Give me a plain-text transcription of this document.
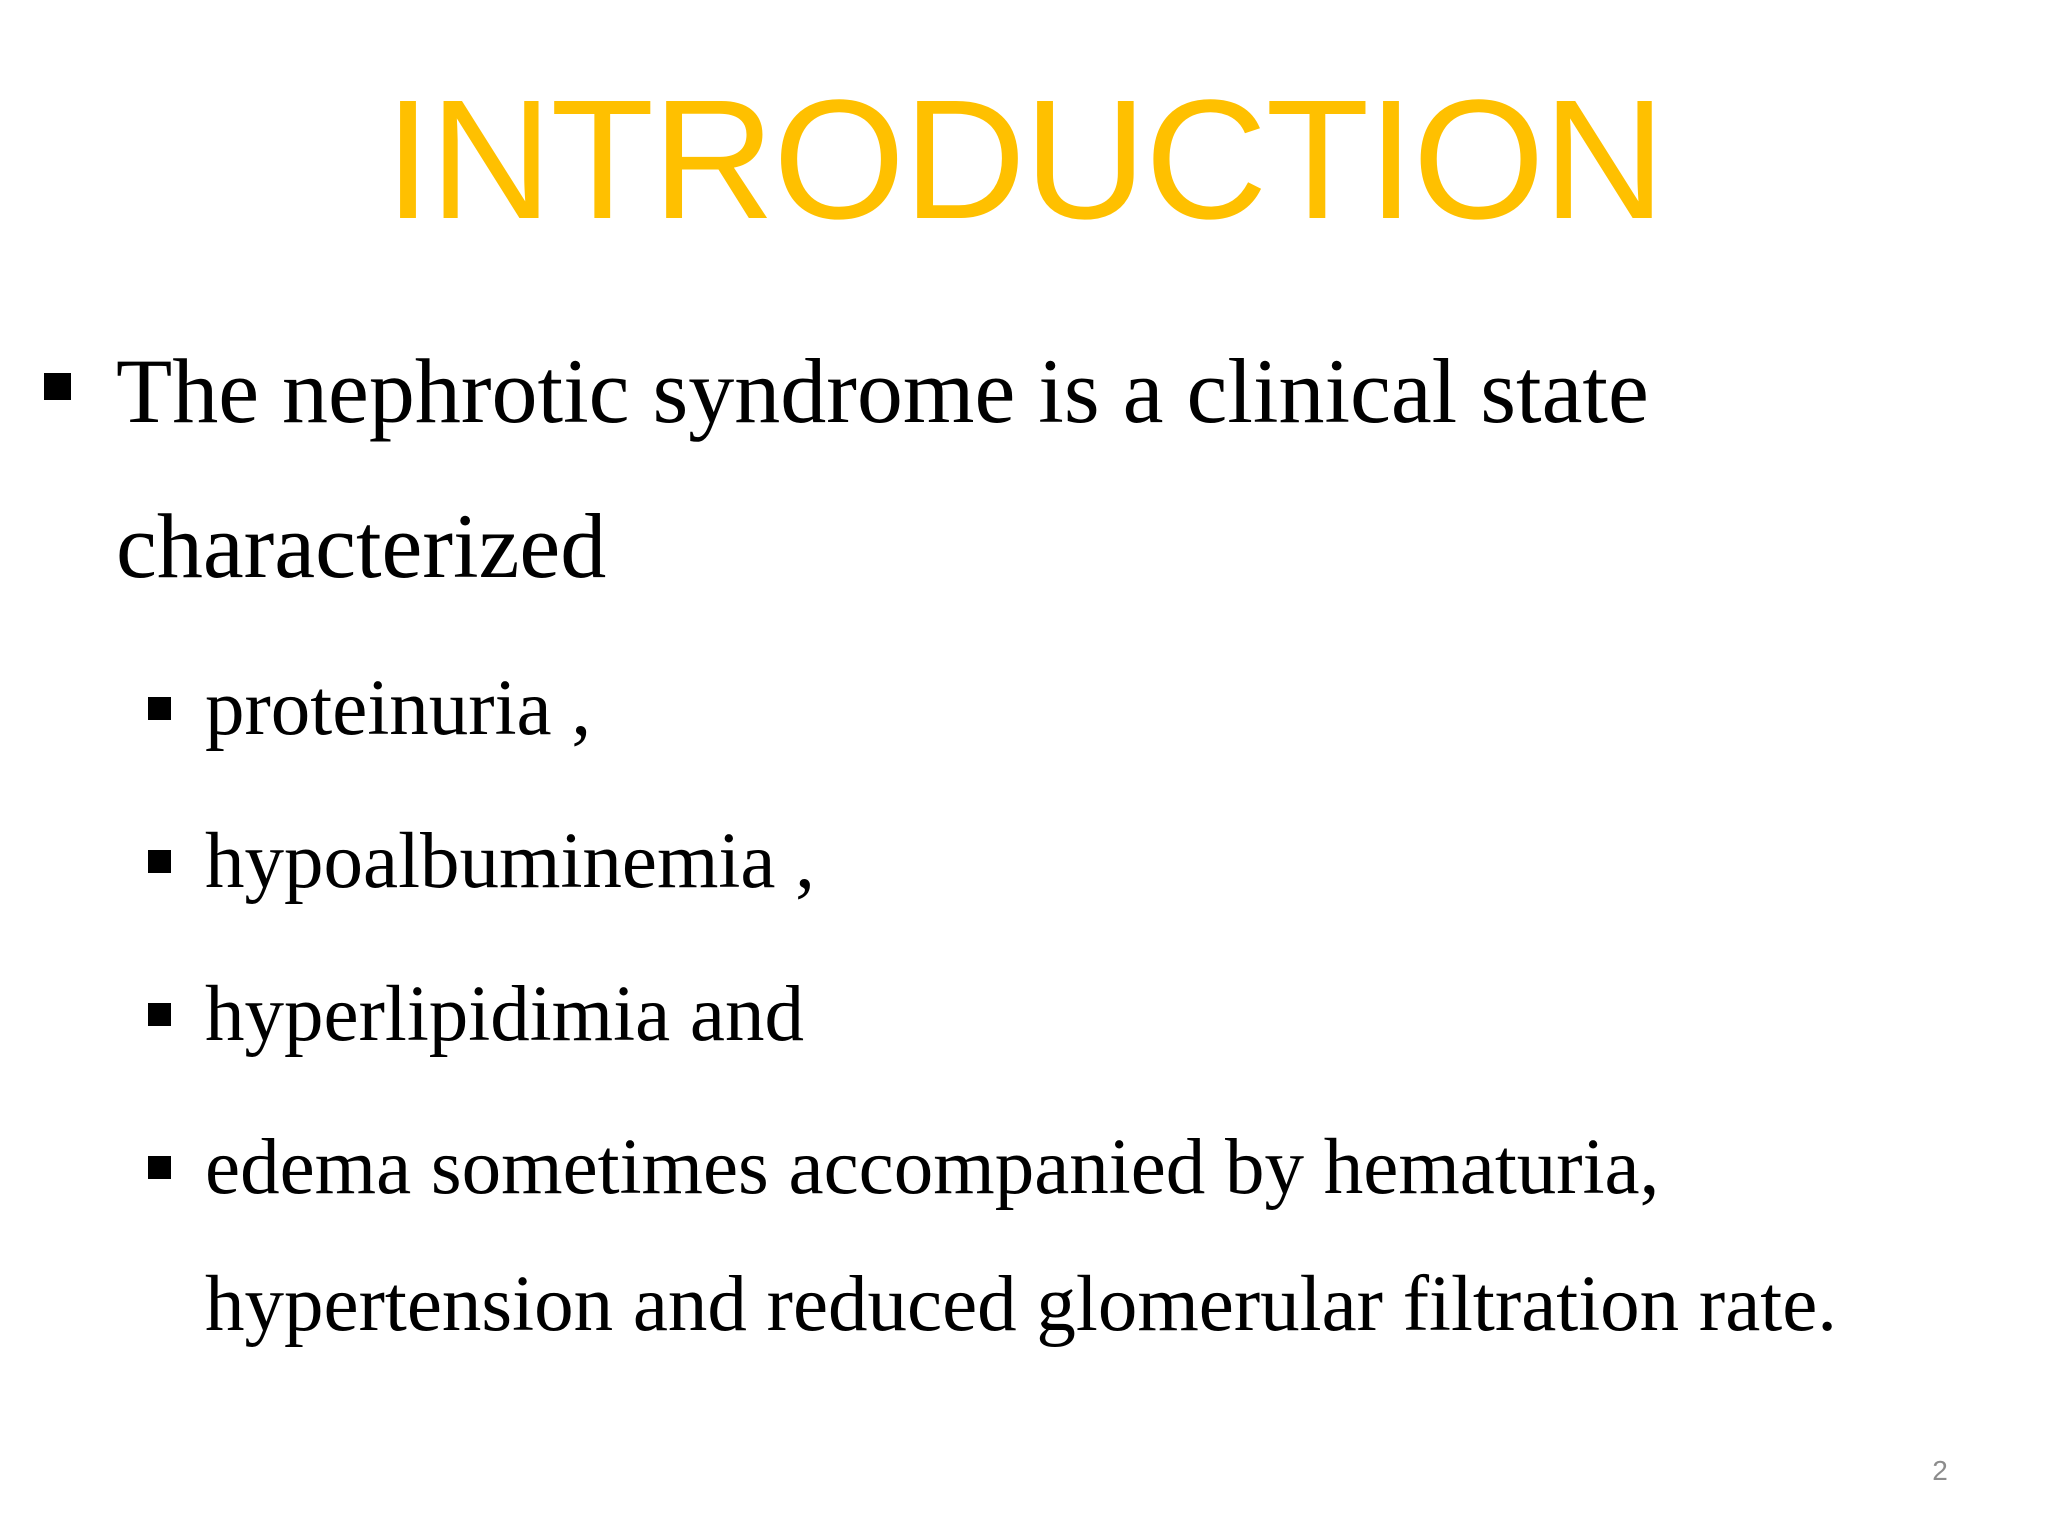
INTRODUCTION
The nephrotic syndrome is a clinical state
characterized
proteinuria ,
hypoalbuminemia ,
hyperlipidimia and
edema sometimes accompanied by hematuria,
hypertension and reduced glomerular filtration rate.
2
